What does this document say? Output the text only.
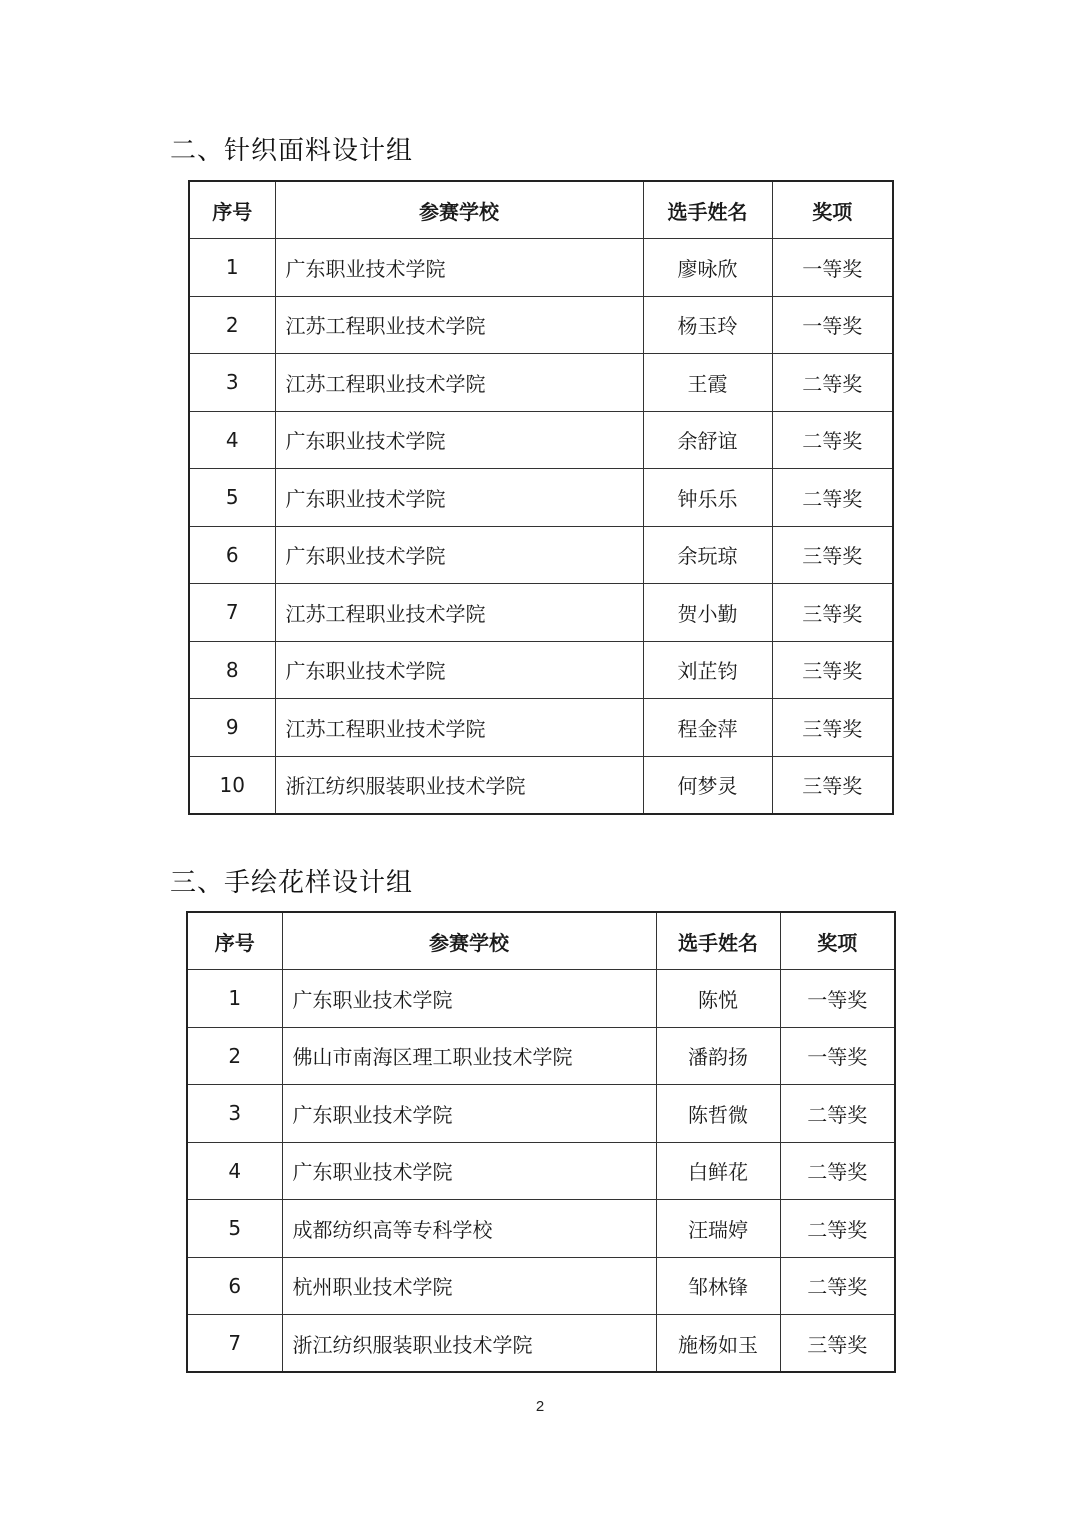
二、针织面料设计组
序号	参赛学校	选手姓名	奖项
1	广东职业技术学院	廖咏欣	一等奖
2	江苏工程职业技术学院	杨玉玲	一等奖
3	江苏工程职业技术学院	王霞	二等奖
4	广东职业技术学院	余舒谊	二等奖
5	广东职业技术学院	钟乐乐	二等奖
6	广东职业技术学院	余玩琼	三等奖
7	江苏工程职业技术学院	贺小勤	三等奖
8	广东职业技术学院	刘芷钧	三等奖
9	江苏工程职业技术学院	程金萍	三等奖
10	浙江纺织服装职业技术学院	何梦灵	三等奖
三、手绘花样设计组
序号	参赛学校	选手姓名	奖项
1	广东职业技术学院	陈悦	一等奖
2	佛山市南海区理工职业技术学院	潘韵扬	一等奖
3	广东职业技术学院	陈哲微	二等奖
4	广东职业技术学院	白鲜花	二等奖
5	成都纺织高等专科学校	汪瑞婷	二等奖
6	杭州职业技术学院	邹林锋	二等奖
7	浙江纺织服装职业技术学院	施杨如玉	三等奖
2
